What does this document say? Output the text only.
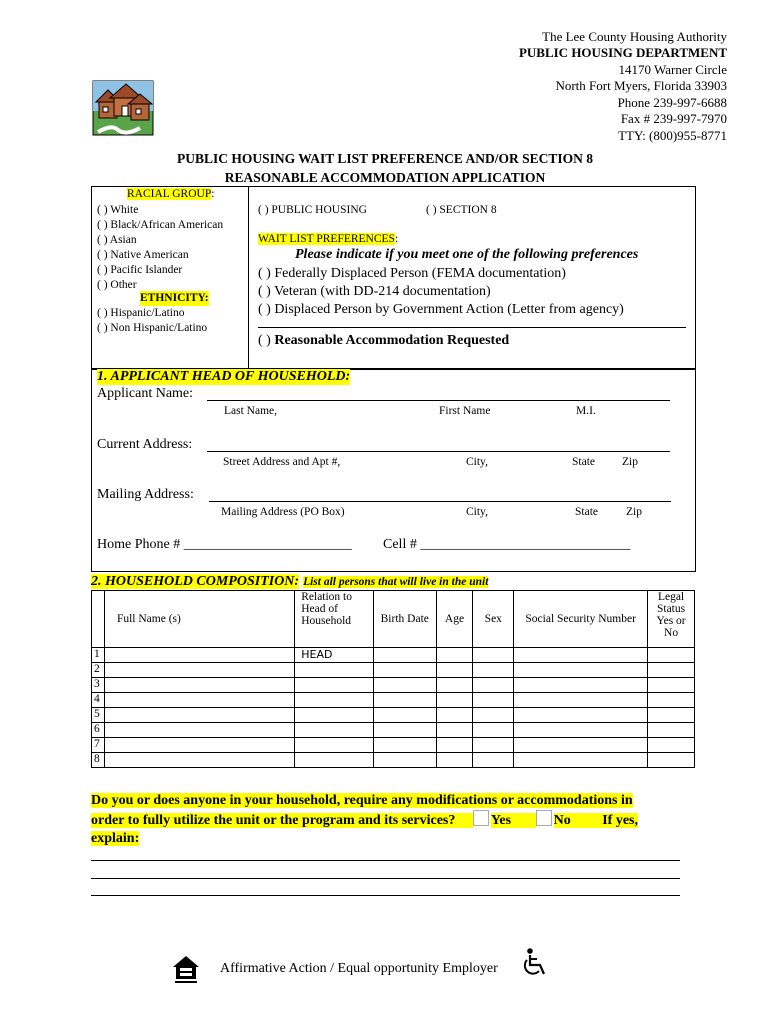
The Lee County Housing Authority
PUBLIC HOUSING DEPARTMENT
14170 Warner Circle
North Fort Myers, Florida 33903
Phone 239-997-6688
Fax # 239-997-7970
TTY: (800)955-8771
PUBLIC HOUSING WAIT LIST PREFERENCE AND/OR SECTION 8
REASONABLE ACCOMMODATION APPLICATION
RACIAL GROUP:
( ) White
( ) Black/African American
( ) Asian
( ) Native American
( ) Pacific Islander
( ) Other
ETHNICITY:
( ) Hispanic/Latino
( ) Non Hispanic/Latino
( ) PUBLIC HOUSING	( ) SECTION 8
WAIT LIST PREFERENCES:
Please indicate if you meet one of the following preferences
( ) Federally Displaced Person (FEMA documentation)
( ) Veteran (with DD-214 documentation)
( ) Displaced Person by Government Action (Letter from agency)
( ) Reasonable Accommodation Requested
1. APPLICANT HEAD OF HOUSEHOLD:
Applicant Name:
Last Name,	First Name	M.I.
Current Address:
Street Address and Apt #,	City,	State Zip
Mailing Address:
Mailing Address (PO Box)	City,	State Zip
Home Phone # ________________________ Cell # ______________________________
2. HOUSEHOLD COMPOSITION: List all persons that will live in the unit
	Full Name (s)	Relation to Head of Household	Birth Date	Age	Sex	Social Security Number	Legal Status Yes or No
1		HEAD					
2							
3							
4							
5							
6							
7							
8							
Do you or does anyone in your household, require any modifications or accommodations in
order to fully utilize the unit or the program and its services?	Yes	No If yes,
explain:
Affirmative Action / Equal opportunity Employer
